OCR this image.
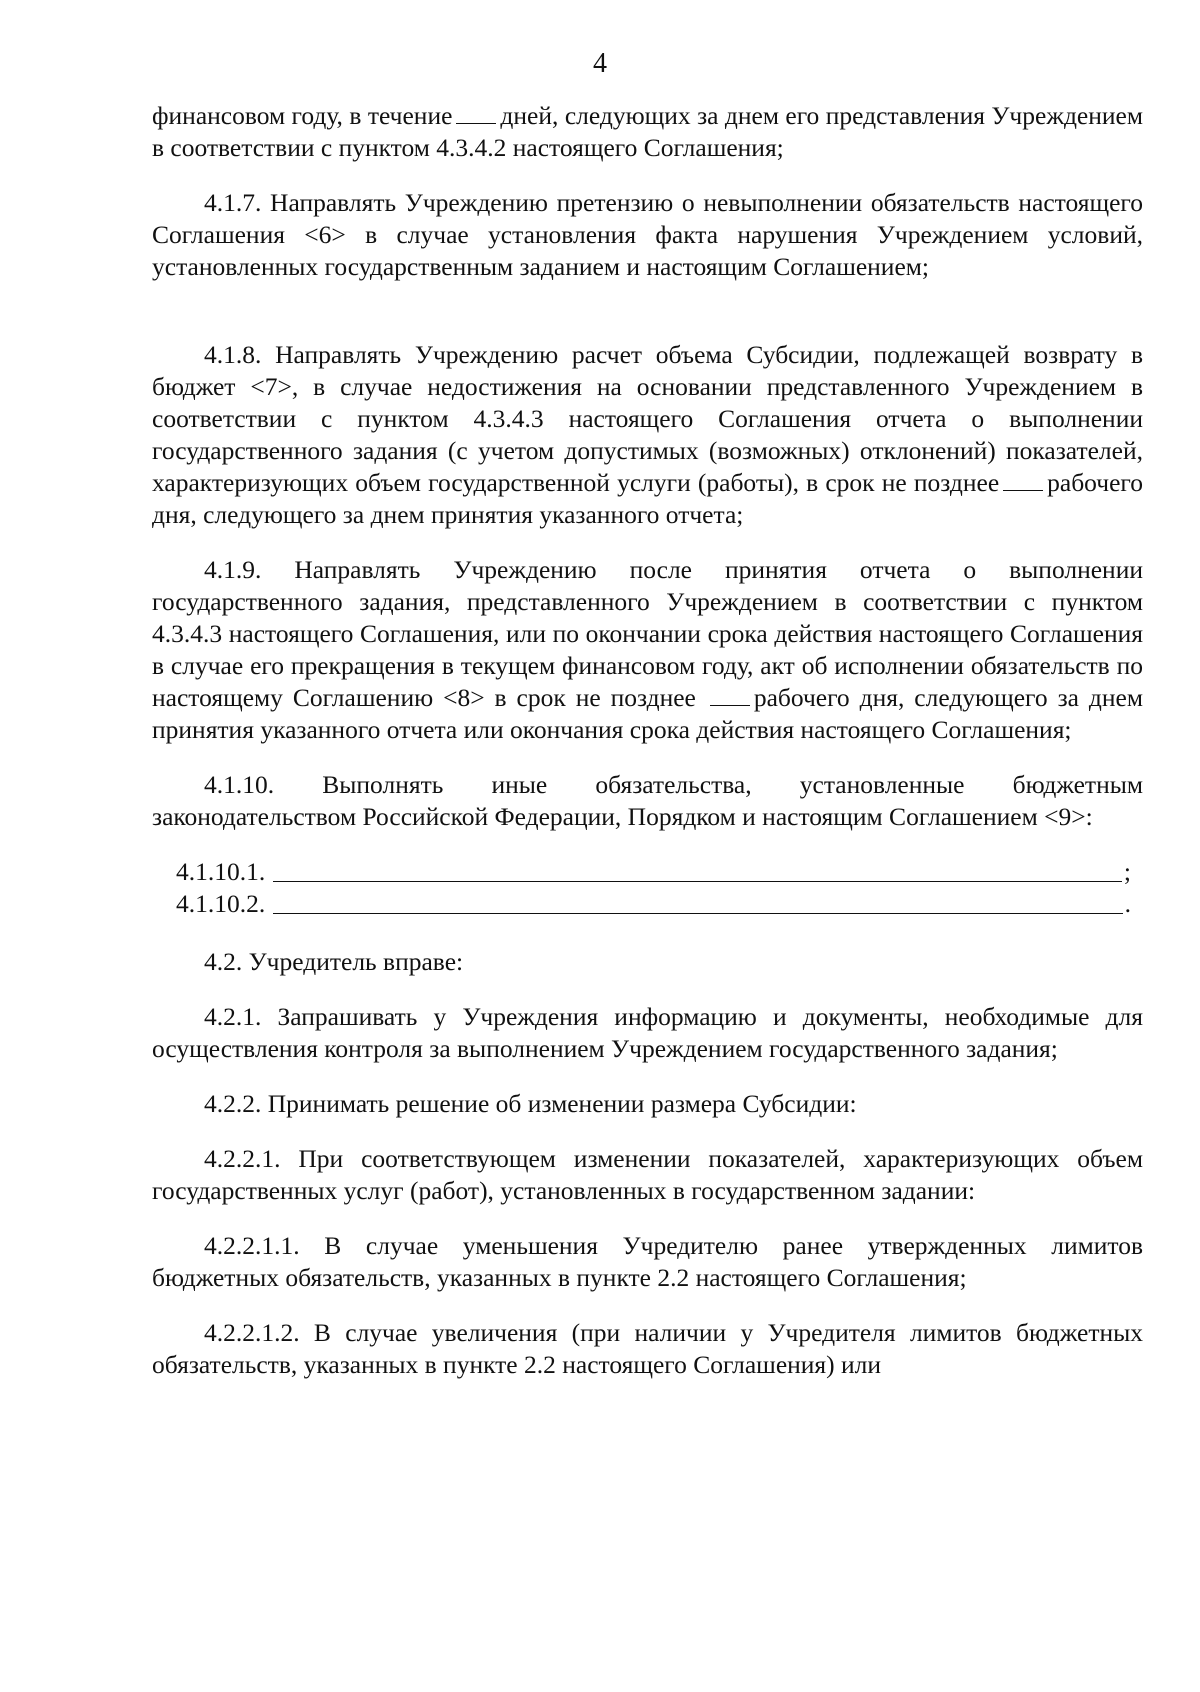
4

финансовом году, в течение дней, следующих за днем его представления Учреждением в соответствии с пунктом 4.3.4.2 настоящего Соглашения;

4.1.7. Направлять Учреждению претензию о невыполнении обязательств настоящего Соглашения <6> в случае установления факта нарушения Учреждением условий, установленных государственным заданием и настоящим Соглашением;

4.1.8. Направлять Учреждению расчет объема Субсидии, подлежащей возврату в бюджет <7>, в случае недостижения на основании представленного Учреждением в соответствии с пунктом 4.3.4.3 настоящего Соглашения отчета о выполнении государственного задания (с учетом допустимых (возможных) отклонений) показателей, характеризующих объем государственной услуги (работы), в срок не позднее рабочего дня, следующего за днем принятия указанного отчета;

4.1.9. Направлять Учреждению после принятия отчета о выполнении государственного задания, представленного Учреждением в соответствии с пунктом 4.3.4.3 настоящего Соглашения, или по окончании срока действия настоящего Соглашения в случае его прекращения в текущем финансовом году, акт об исполнении обязательств по настоящему Соглашению <8> в срок не позднее рабочего дня, следующего за днем принятия указанного отчета или окончания срока действия настоящего Соглашения;

4.1.10. Выполнять иные обязательства, установленные бюджетным законодательством Российской Федерации, Порядком и настоящим Соглашением <9>:

4.1.10.1.	;
4.1.10.2.	.

4.2. Учредитель вправе:

4.2.1. Запрашивать у Учреждения информацию и документы, необходимые для осуществления контроля за выполнением Учреждением государственного задания;

4.2.2. Принимать решение об изменении размера Субсидии:

4.2.2.1. При соответствующем изменении показателей, характеризующих объем государственных услуг (работ), установленных в государственном задании:

4.2.2.1.1. В случае уменьшения Учредителю ранее утвержденных лимитов бюджетных обязательств, указанных в пункте 2.2 настоящего Соглашения;

4.2.2.1.2. В случае увеличения (при наличии у Учредителя лимитов бюджетных обязательств, указанных в пункте 2.2 настоящего Соглашения) или
